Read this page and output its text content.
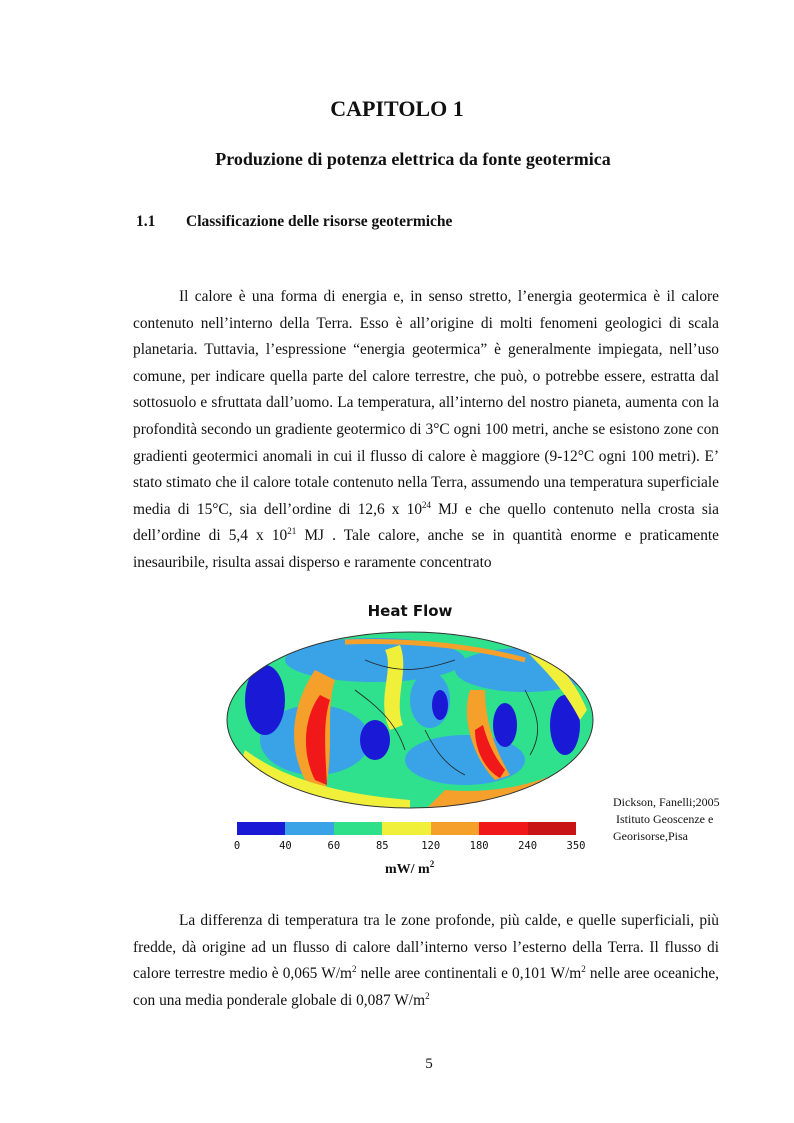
CAPITOLO 1
Produzione di potenza elettrica da fonte geotermica
1.1 Classificazione delle risorse geotermiche

Il calore è una forma di energia e, in senso stretto, l’energia geotermica è il calore contenuto nell’interno della Terra. Esso è all’origine di molti fenomeni geologici di scala planetaria. Tuttavia, l’espressione “energia geotermica” è generalmente impiegata, nell’uso comune, per indicare quella parte del calore terrestre, che può, o potrebbe essere, estratta dal sottosuolo e sfruttata dall’uomo. La temperatura, all’interno del nostro pianeta, aumenta con la profondità secondo un gradiente geotermico di 3°C ogni 100 metri, anche se esistono zone con gradienti geotermici anomali in cui il flusso di calore è maggiore (9-12°C ogni 100 metri). E’ stato stimato che il calore totale contenuto nella Terra, assumendo una temperatura superficiale media di 15°C, sia dell’ordine di 12,6 x $10^{24}$ MJ e che quello contenuto nella crosta sia dell’ordine di 5,4 x $10^{21}$ MJ . Tale calore, anche se in quantità enorme e praticamente inesauribile, risulta assai disperso e raramente concentrato

Heat Flow
0	40	60	85	120	180	240	350
mW/ $m^2$
Dickson, Fanelli;2005
Istituto Geoscenze e
Georisorse,Pisa

La differenza di temperatura tra le zone profonde, più calde, e quelle superficiali, più fredde, dà origine ad un flusso di calore dall’interno verso l’esterno della Terra. Il flusso di calore terrestre medio è 0,065 $W/m^2$ nelle aree continentali e 0,101 $W/m^2$ nelle aree oceaniche, con una media ponderale globale di 0,087 $W/m^2$

5
